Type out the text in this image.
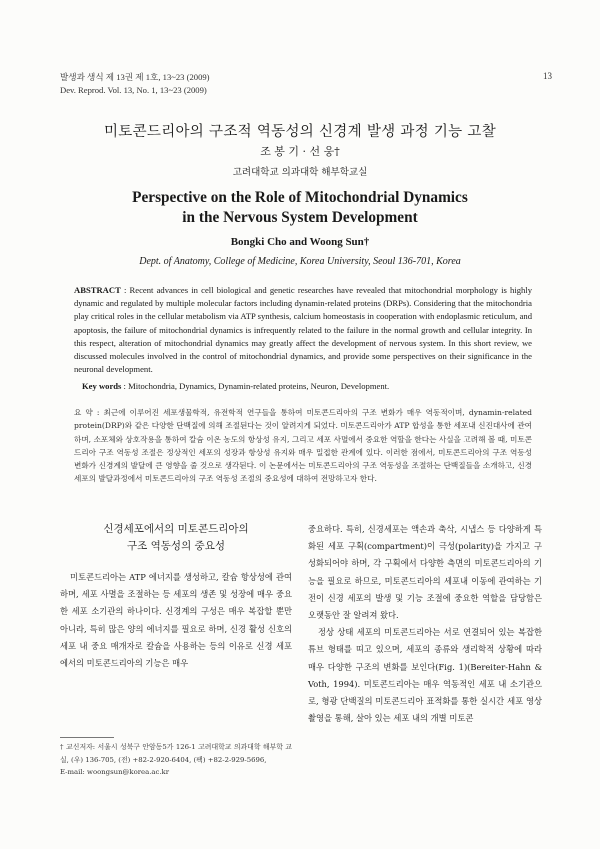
발생과 생식 제 13권 제 1호, 13~23 (2009)
Dev. Reprod. Vol. 13, No. 1, 13~23 (2009)
13
미토콘드리아의 구조적 역동성의 신경계 발생 과정 기능 고찰
조 봉 기 · 선 웅†
고려대학교 의과대학 해부학교실
Perspective on the Role of Mitochondrial Dynamics
in the Nervous System Development
Bongki Cho and Woong Sun†
Dept. of Anatomy, College of Medicine, Korea University, Seoul 136-701, Korea
ABSTRACT : Recent advances in cell biological and genetic researches have revealed that mitochondrial morphology is highly dynamic and regulated by multiple molecular factors including dynamin-related proteins (DRPs). Considering that the mitochondria play critical roles in the cellular metabolism via ATP synthesis, calcium homeostasis in cooperation with endoplasmic reticulum, and apoptosis, the failure of mitochondrial dynamics is infrequently related to the failure in the normal growth and cellular integrity. In this respect, alteration of mitochondrial dynamics may greatly affect the development of nervous system. In this short review, we discussed molecules involved in the control of mitochondrial dynamics, and provide some perspectives on their significance in the neuronal development.
Key words : Mitochondria, Dynamics, Dynamin-related proteins, Neuron, Development.
요 약 : 최근에 이루어진 세포생물학적, 유전학적 연구들을 통하여 미토콘드리아의 구조 변화가 매우 역동적이며, dynamin-related protein(DRP)와 같은 다양한 단백질에 의해 조절된다는 것이 알려지게 되었다. 미토콘드리아가 ATP 합성을 통한 세포내 신진대사에 관여하며, 소포체와 상호작용을 통하여 칼슘 이온 농도의 항상성 유지, 그리고 세포 사멸에서 중요한 역할을 한다는 사실을 고려해 볼 때, 미토콘드리아 구조 역동성 조절은 정상적인 세포의 성장과 항상성 유지와 매우 밀접한 관계에 있다. 이러한 점에서, 미토콘드리아의 구조 역동성 변화가 신경계의 발달에 큰 영향을 줄 것으로 생각된다. 이 논문에서는 미토콘드리아의 구조 역동성을 조절하는 단백질들을 소개하고, 신경세포의 발달과정에서 미토콘드리아의 구조 역동성 조절의 중요성에 대하여 전망하고자 한다.
신경세포에서의 미토콘드리아의
구조 역동성의 중요성

미토콘드리아는 ATP 에너지를 생성하고, 칼슘 항상성에 관여하며, 세포 사멸을 조절하는 등 세포의 생존 및 성장에 매우 중요한 세포 소기관의 하나이다. 신경계의 구성은 매우 복잡할 뿐만 아니라, 특히 많은 양의 에너지를 필요로 하며, 신경 활성 신호의 세포 내 중요 매개자로 칼슘을 사용하는 등의 이유로 신경 세포에서의 미토콘드리아의 기능은 매우

중요하다. 특히, 신경세포는 액손과 축삭, 시냅스 등 다양하게 특화된 세포 구획(compartment)이 극성(polarity)을 가지고 구성화되어야 하며, 각 구획에서 다양한 측면의 미토콘드리아의 기능을 필요로 하므로, 미토콘드리아의 세포내 이동에 관여하는 기전이 신경 세포의 발생 및 기능 조절에 중요한 역할을 담당함은 오랫동안 잘 알려져 왔다.

정상 상태 세포의 미토콘드리아는 서로 연결되어 있는 복잡한 튜브 형태를 띠고 있으며, 세포의 종류와 생리학적 상황에 따라 매우 다양한 구조의 변화를 보인다(Fig. 1)(Bereiter-Hahn & Voth, 1994). 미토콘드리아는 매우 역동적인 세포 내 소기관으로, 형광 단백질의 미토콘드리아 표적화를 통한 실시간 세포 영상 촬영을 통해, 살아 있는 세포 내의 개별 미토콘

† 교신저자: 서울시 성북구 안암동5가 126-1 고려대학교 의과대학 해부학 교실, (우) 136-705, (전) +82-2-920-6404, (팩) +82-2-929-5696,
E-mail: woongsun@korea.ac.kr
